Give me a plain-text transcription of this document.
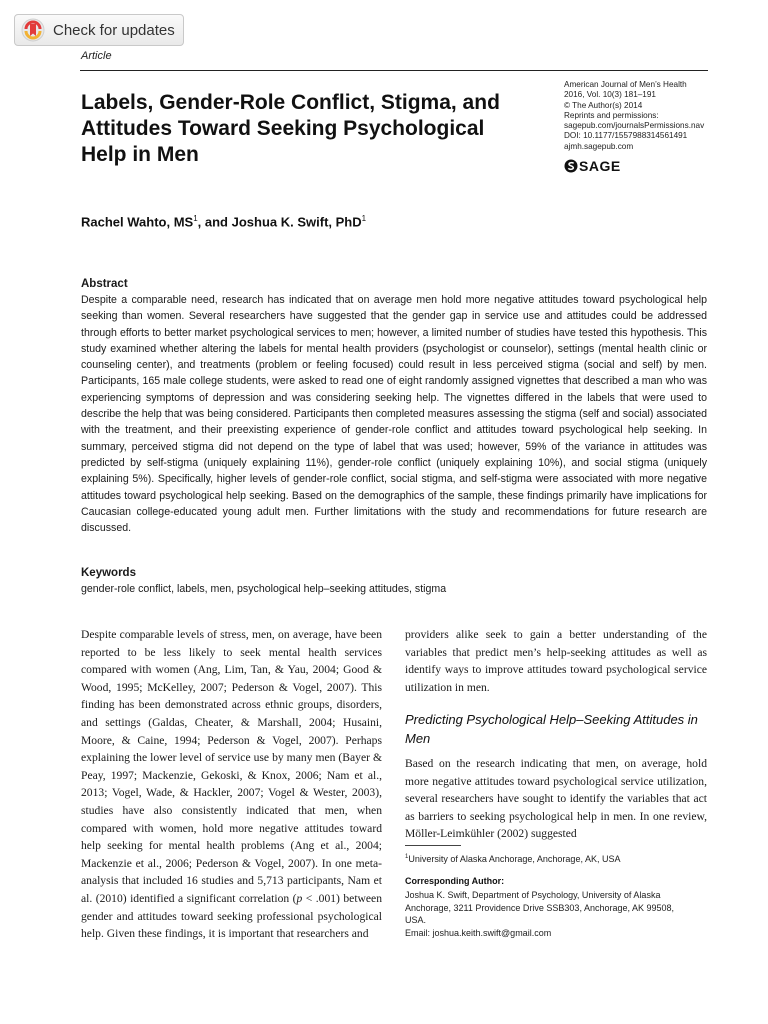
Check for updates
Article
Labels, Gender-Role Conflict, Stigma, and Attitudes Toward Seeking Psychological Help in Men
American Journal of Men’s Health
2016, Vol. 10(3) 181–191
© The Author(s) 2014
Reprints and permissions:
sagepub.com/journalsPermissions.nav
DOI: 10.1177/1557988314561491
ajmh.sagepub.com
SAGE
Rachel Wahto, $MS^1$, and Joshua K. Swift, PhD$^1$
Abstract
Despite a comparable need, research has indicated that on average men hold more negative attitudes toward psychological help seeking than women. Several researchers have suggested that the gender gap in service use and attitudes could be addressed through efforts to better market psychological services to men; however, a limited number of studies have tested this hypothesis. This study examined whether altering the labels for mental health providers (psychologist or counselor), settings (mental health clinic or counseling center), and treatments (problem or feeling focused) could result in less perceived stigma (social and self) by men. Participants, 165 male college students, were asked to read one of eight randomly assigned vignettes that described a man who was experiencing symptoms of depression and was considering seeking help. The vignettes differed in the labels that were used to describe the help that was being considered. Participants then completed measures assessing the stigma (self and social) associated with the treatment, and their preexisting experience of gender-role conflict and attitudes toward psychological help seeking. In summary, perceived stigma did not depend on the type of label that was used; however, 59% of the variance in attitudes was predicted by self-stigma (uniquely explaining 11%), gender-role conflict (uniquely explaining 10%), and social stigma (uniquely explaining 5%). Specifically, higher levels of gender-role conflict, social stigma, and self-stigma were associated with more negative attitudes toward psychological help seeking. Based on the demographics of the sample, these findings primarily have implications for Caucasian college-educated young adult men. Further limitations with the study and recommendations for future research are discussed.
Keywords
gender-role conflict, labels, men, psychological help–seeking attitudes, stigma
Despite comparable levels of stress, men, on average, have been reported to be less likely to seek mental health services compared with women (Ang, Lim, Tan, & Yau, 2004; Good & Wood, 1995; McKelley, 2007; Pederson & Vogel, 2007). This finding has been demonstrated across ethnic groups, disorders, and settings (Galdas, Cheater, & Marshall, 2004; Husaini, Moore, & Caine, 1994; Pederson & Vogel, 2007). Perhaps explaining the lower level of service use by many men (Bayer & Peay, 1997; Mackenzie, Gekoski, & Knox, 2006; Nam et al., 2013; Vogel, Wade, & Hackler, 2007; Vogel & Wester, 2003), studies have also consistently indicated that men, when compared with women, hold more negative attitudes toward help seeking for mental health problems (Ang et al., 2004; Mackenzie et al., 2006; Pederson & Vogel, 2007). In one meta-analysis that included 16 studies and 5,713 participants, Nam et al. (2010) identified a significant correlation (p < .001) between gender and attitudes toward seeking professional psychological help. Given these findings, it is important that researchers and
providers alike seek to gain a better understanding of the variables that predict men’s help-seeking attitudes as well as identify ways to improve attitudes toward psychological service utilization in men.
Predicting Psychological Help–Seeking Attitudes in Men
Based on the research indicating that men, on average, hold more negative attitudes toward psychological service utilization, several researchers have sought to identify the variables that act as barriers to seeking psychological help in men. In one review, Möller-Leimkühler (2002) suggested
$^1$University of Alaska Anchorage, Anchorage, AK, USA
Corresponding Author:
Joshua K. Swift, Department of Psychology, University of Alaska
Anchorage, 3211 Providence Drive SSB303, Anchorage, AK 99508,
USA.
Email: joshua.keith.swift@gmail.com
